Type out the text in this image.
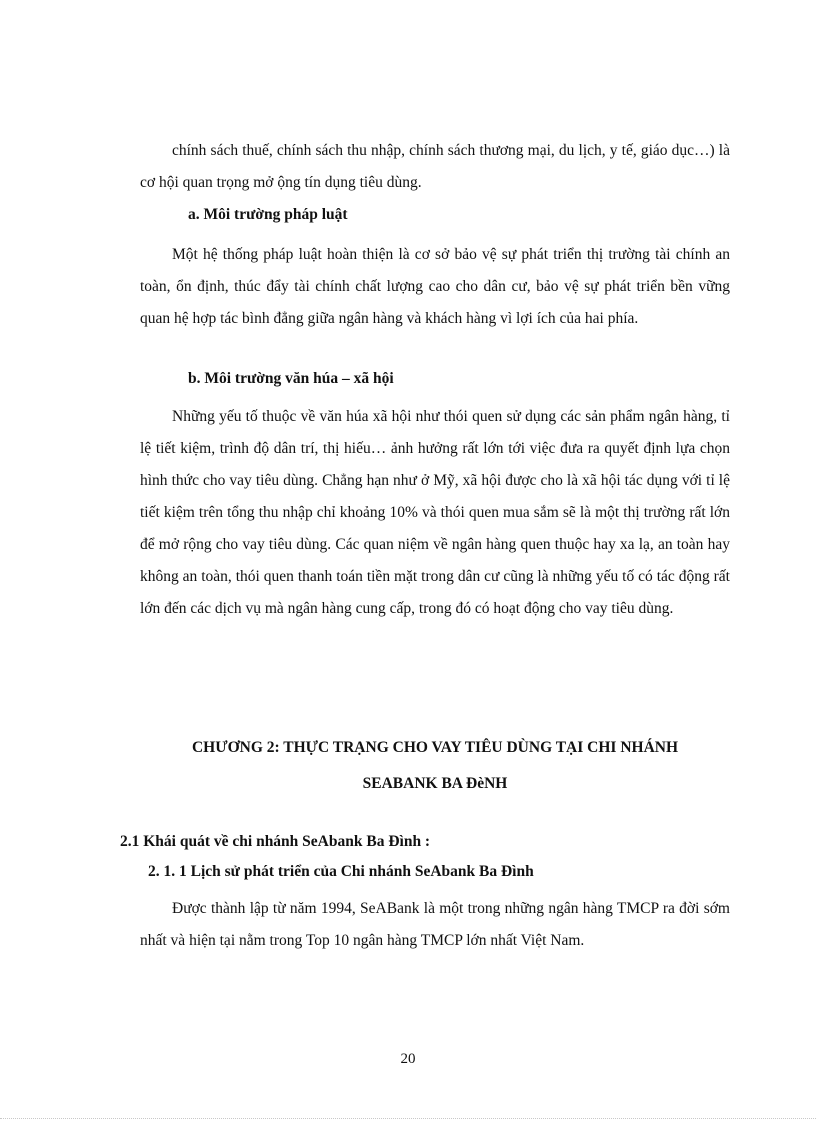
chính sách thuế, chính sách thu nhập, chính sách thương mại, du lịch, y tế, giáo dục…) là cơ hội quan trọng mở ộng tín dụng tiêu dùng.

a. Môi trường pháp luật

Một hệ thống pháp luật hoàn thiện là cơ sở bảo vệ sự phát triển thị trường tài chính an toàn, ổn định, thúc đẩy tài chính chất lượng cao cho dân cư, bảo vệ sự phát triển bền vững quan hệ hợp tác bình đẳng giữa ngân hàng và khách hàng vì lợi ích của hai phía.

b. Môi trường văn húa – xã hội

Những yếu tố thuộc về văn húa xã hội như thói quen sử dụng các sản phẩm ngân hàng, tỉ lệ tiết kiệm, trình độ dân trí, thị hiếu… ảnh hưởng rất lớn tới việc đưa ra quyết định lựa chọn hình thức cho vay tiêu dùng. Chẳng hạn như ở Mỹ, xã hội được cho là xã hội tác dụng với tỉ lệ tiết kiệm trên tổng thu nhập chỉ khoảng 10% và thói quen mua sắm sẽ là một thị trường rất lớn để mở rộng cho vay tiêu dùng. Các quan niệm về ngân hàng quen thuộc hay xa lạ, an toàn hay không an toàn, thói quen thanh toán tiền mặt trong dân cư cũng là những yếu tố có tác động rất lớn đến các dịch vụ mà ngân hàng cung cấp, trong đó có hoạt động cho vay tiêu dùng.

CHƯƠNG 2: THỰC TRẠNG CHO VAY TIÊU DÙNG TẠI CHI NHÁNH

SEABANK BA ĐèNH

2.1 Khái quát về chi nhánh SeAbank Ba Đình :

2. 1. 1 Lịch sử phát triển của Chi nhánh SeAbank Ba Đình

Được thành lập từ năm 1994, SeABank là một trong những ngân hàng TMCP ra đời sớm nhất và hiện tại nằm trong Top 10 ngân hàng TMCP lớn nhất Việt Nam.

20
